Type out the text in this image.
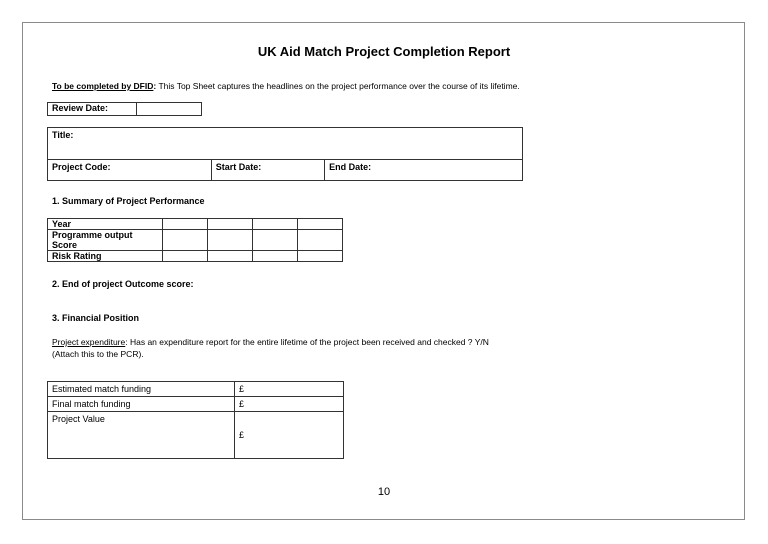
UK Aid Match Project Completion Report
To be completed by DFID: This Top Sheet captures the headlines on the project performance over the course of its lifetime.
Review Date:	
Title:
Project Code:	Start Date:	End Date:
1. Summary of Project Performance
Year				
Programme output Score				
Risk Rating				
2. End of project Outcome score:
3. Financial Position
Project expenditure: Has an expenditure report for the entire lifetime of the project been received and checked ? Y/N
(Attach this to the PCR).
Estimated match funding	£
Final match funding	£
Project Value	£
10
